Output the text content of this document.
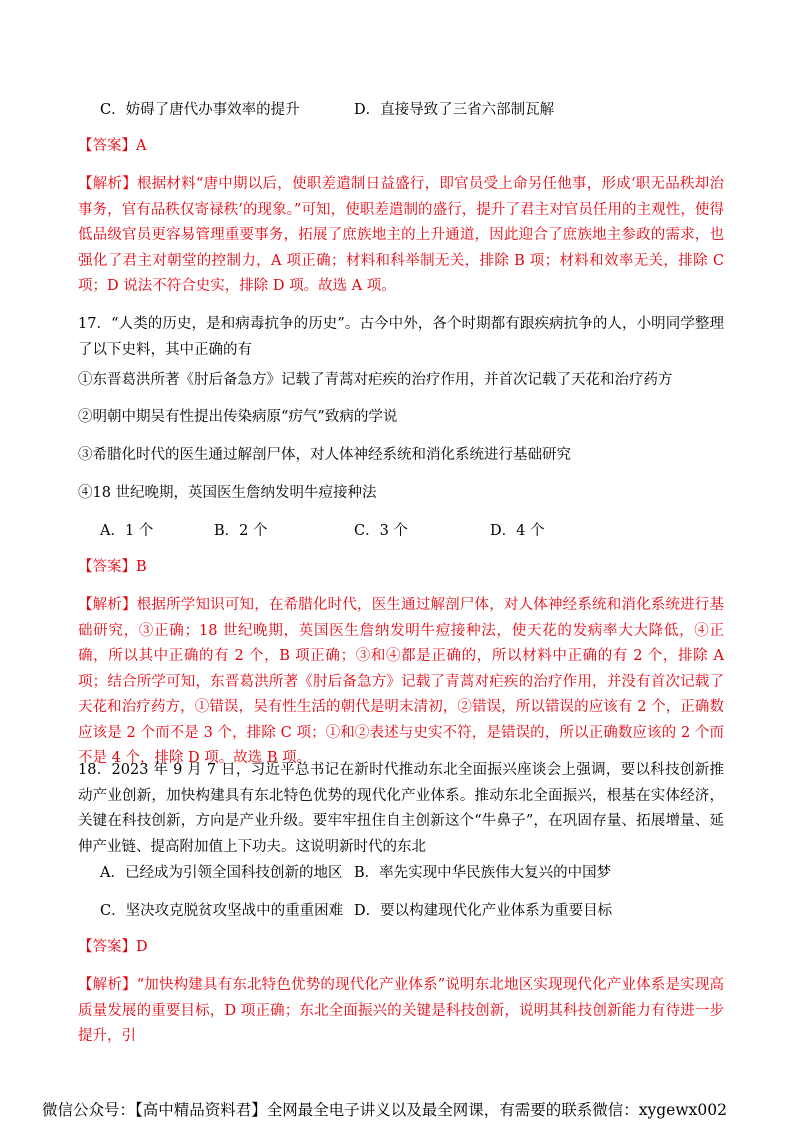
C．妨碍了唐代办事效率的提升	D．直接导致了三省六部制瓦解
【答案】A
【解析】根据材料“唐中期以后，使职差遣制日益盛行，即官员受上命另任他事，形成‘职无品秩却治事务，官有品秩仅寄禄秩’的现象。”可知，使职差遣制的盛行，提升了君主对官员任用的主观性，使得低品级官员更容易管理重要事务，拓展了庶族地主的上升通道，因此迎合了庶族地主参政的需求，也强化了君主对朝堂的控制力，A 项正确；材料和科举制无关，排除 B 项；材料和效率无关，排除 C 项；D 说法不符合史实，排除 D 项。故选 A 项。
17．“人类的历史，是和病毒抗争的历史”。古今中外，各个时期都有跟疾病抗争的人，小明同学整理了以下史料，其中正确的有
①东晋葛洪所著《肘后备急方》记载了青蒿对疟疾的治疗作用，并首次记载了天花和治疗药方
②明朝中期吴有性提出传染病原“疠气”致病的学说
③希腊化时代的医生通过解剖尸体，对人体神经系统和消化系统进行基础研究
④18 世纪晚期，英国医生詹纳发明牛痘接种法
A．1 个	B．2 个	C．3 个	D．4 个
【答案】B
【解析】根据所学知识可知，在希腊化时代，医生通过解剖尸体，对人体神经系统和消化系统进行基础研究，③正确；18 世纪晚期，英国医生詹纳发明牛痘接种法，使天花的发病率大大降低，④正确，所以其中正确的有 2 个，B 项正确；③和④都是正确的，所以材料中正确的有 2 个，排除 A 项；结合所学可知，东晋葛洪所著《肘后备急方》记载了青蒿对疟疾的治疗作用，并没有首次记载了天花和治疗药方，①错误，吴有性生活的朝代是明末清初，②错误，所以错误的应该有 2 个，正确数应该是 2 个而不是 3 个，排除 C 项；①和②表述与史实不符，是错误的，所以正确数应该的 2 个而不是 4 个，排除 D 项。故选 B 项。
18．2023 年 9 月 7 日，习近平总书记在新时代推动东北全面振兴座谈会上强调，要以科技创新推动产业创新，加快构建具有东北特色优势的现代化产业体系。推动东北全面振兴，根基在实体经济，关键在科技创新，方向是产业升级。要牢牢扭住自主创新这个“牛鼻子”，在巩固存量、拓展增量、延伸产业链、提高附加值上下功夫。这说明新时代的东北
A．已经成为引领全国科技创新的地区 B．率先实现中华民族伟大复兴的中国梦
C．坚决攻克脱贫攻坚战中的重重困难 D．要以构建现代化产业体系为重要目标
【答案】D
【解析】“加快构建具有东北特色优势的现代化产业体系”说明东北地区实现现代化产业体系是实现高质量发展的重要目标，D 项正确；东北全面振兴的关键是科技创新，说明其科技创新能力有待进一步提升，引
微信公众号：【高中精品资料君】全网最全电子讲义以及最全网课，有需要的联系微信：xygewx002
